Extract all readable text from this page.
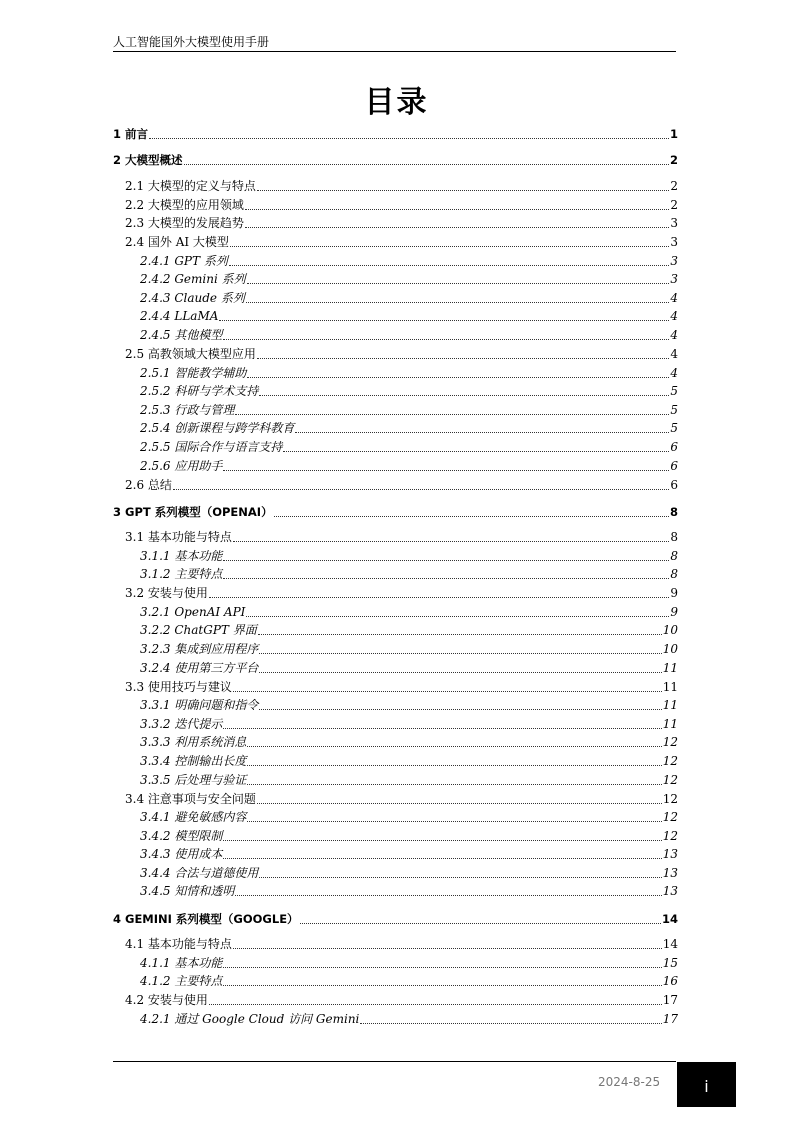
人工智能国外大模型使用手册
目录
1 前言	1
2 大模型概述	2
2.1 大模型的定义与特点	2
2.2 大模型的应用领域	2
2.3 大模型的发展趋势	3
2.4 国外 AI 大模型	3
2.4.1 GPT 系列	3
2.4.2 Gemini 系列	3
2.4.3 Claude 系列	4
2.4.4 LLaMA	4
2.4.5 其他模型	4
2.5 高教领域大模型应用	4
2.5.1 智能教学辅助	4
2.5.2 科研与学术支持	5
2.5.3 行政与管理	5
2.5.4 创新课程与跨学科教育	5
2.5.5 国际合作与语言支持	6
2.5.6 应用助手	6
2.6 总结	6
3 GPT 系列模型（OPENAI）	8
3.1 基本功能与特点	8
3.1.1 基本功能	8
3.1.2 主要特点	8
3.2 安装与使用	9
3.2.1 OpenAI API	9
3.2.2 ChatGPT 界面	10
3.2.3 集成到应用程序	10
3.2.4 使用第三方平台	11
3.3 使用技巧与建议	11
3.3.1 明确问题和指令	11
3.3.2 迭代提示	11
3.3.3 利用系统消息	12
3.3.4 控制输出长度	12
3.3.5 后处理与验证	12
3.4 注意事项与安全问题	12
3.4.1 避免敏感内容	12
3.4.2 模型限制	12
3.4.3 使用成本	13
3.4.4 合法与道德使用	13
3.4.5 知情和透明	13
4 GEMINI 系列模型（GOOGLE）	14
4.1 基本功能与特点	14
4.1.1 基本功能	15
4.1.2 主要特点	16
4.2 安装与使用	17
4.2.1 通过 Google Cloud 访问 Gemini	17
2024-8-25	i
